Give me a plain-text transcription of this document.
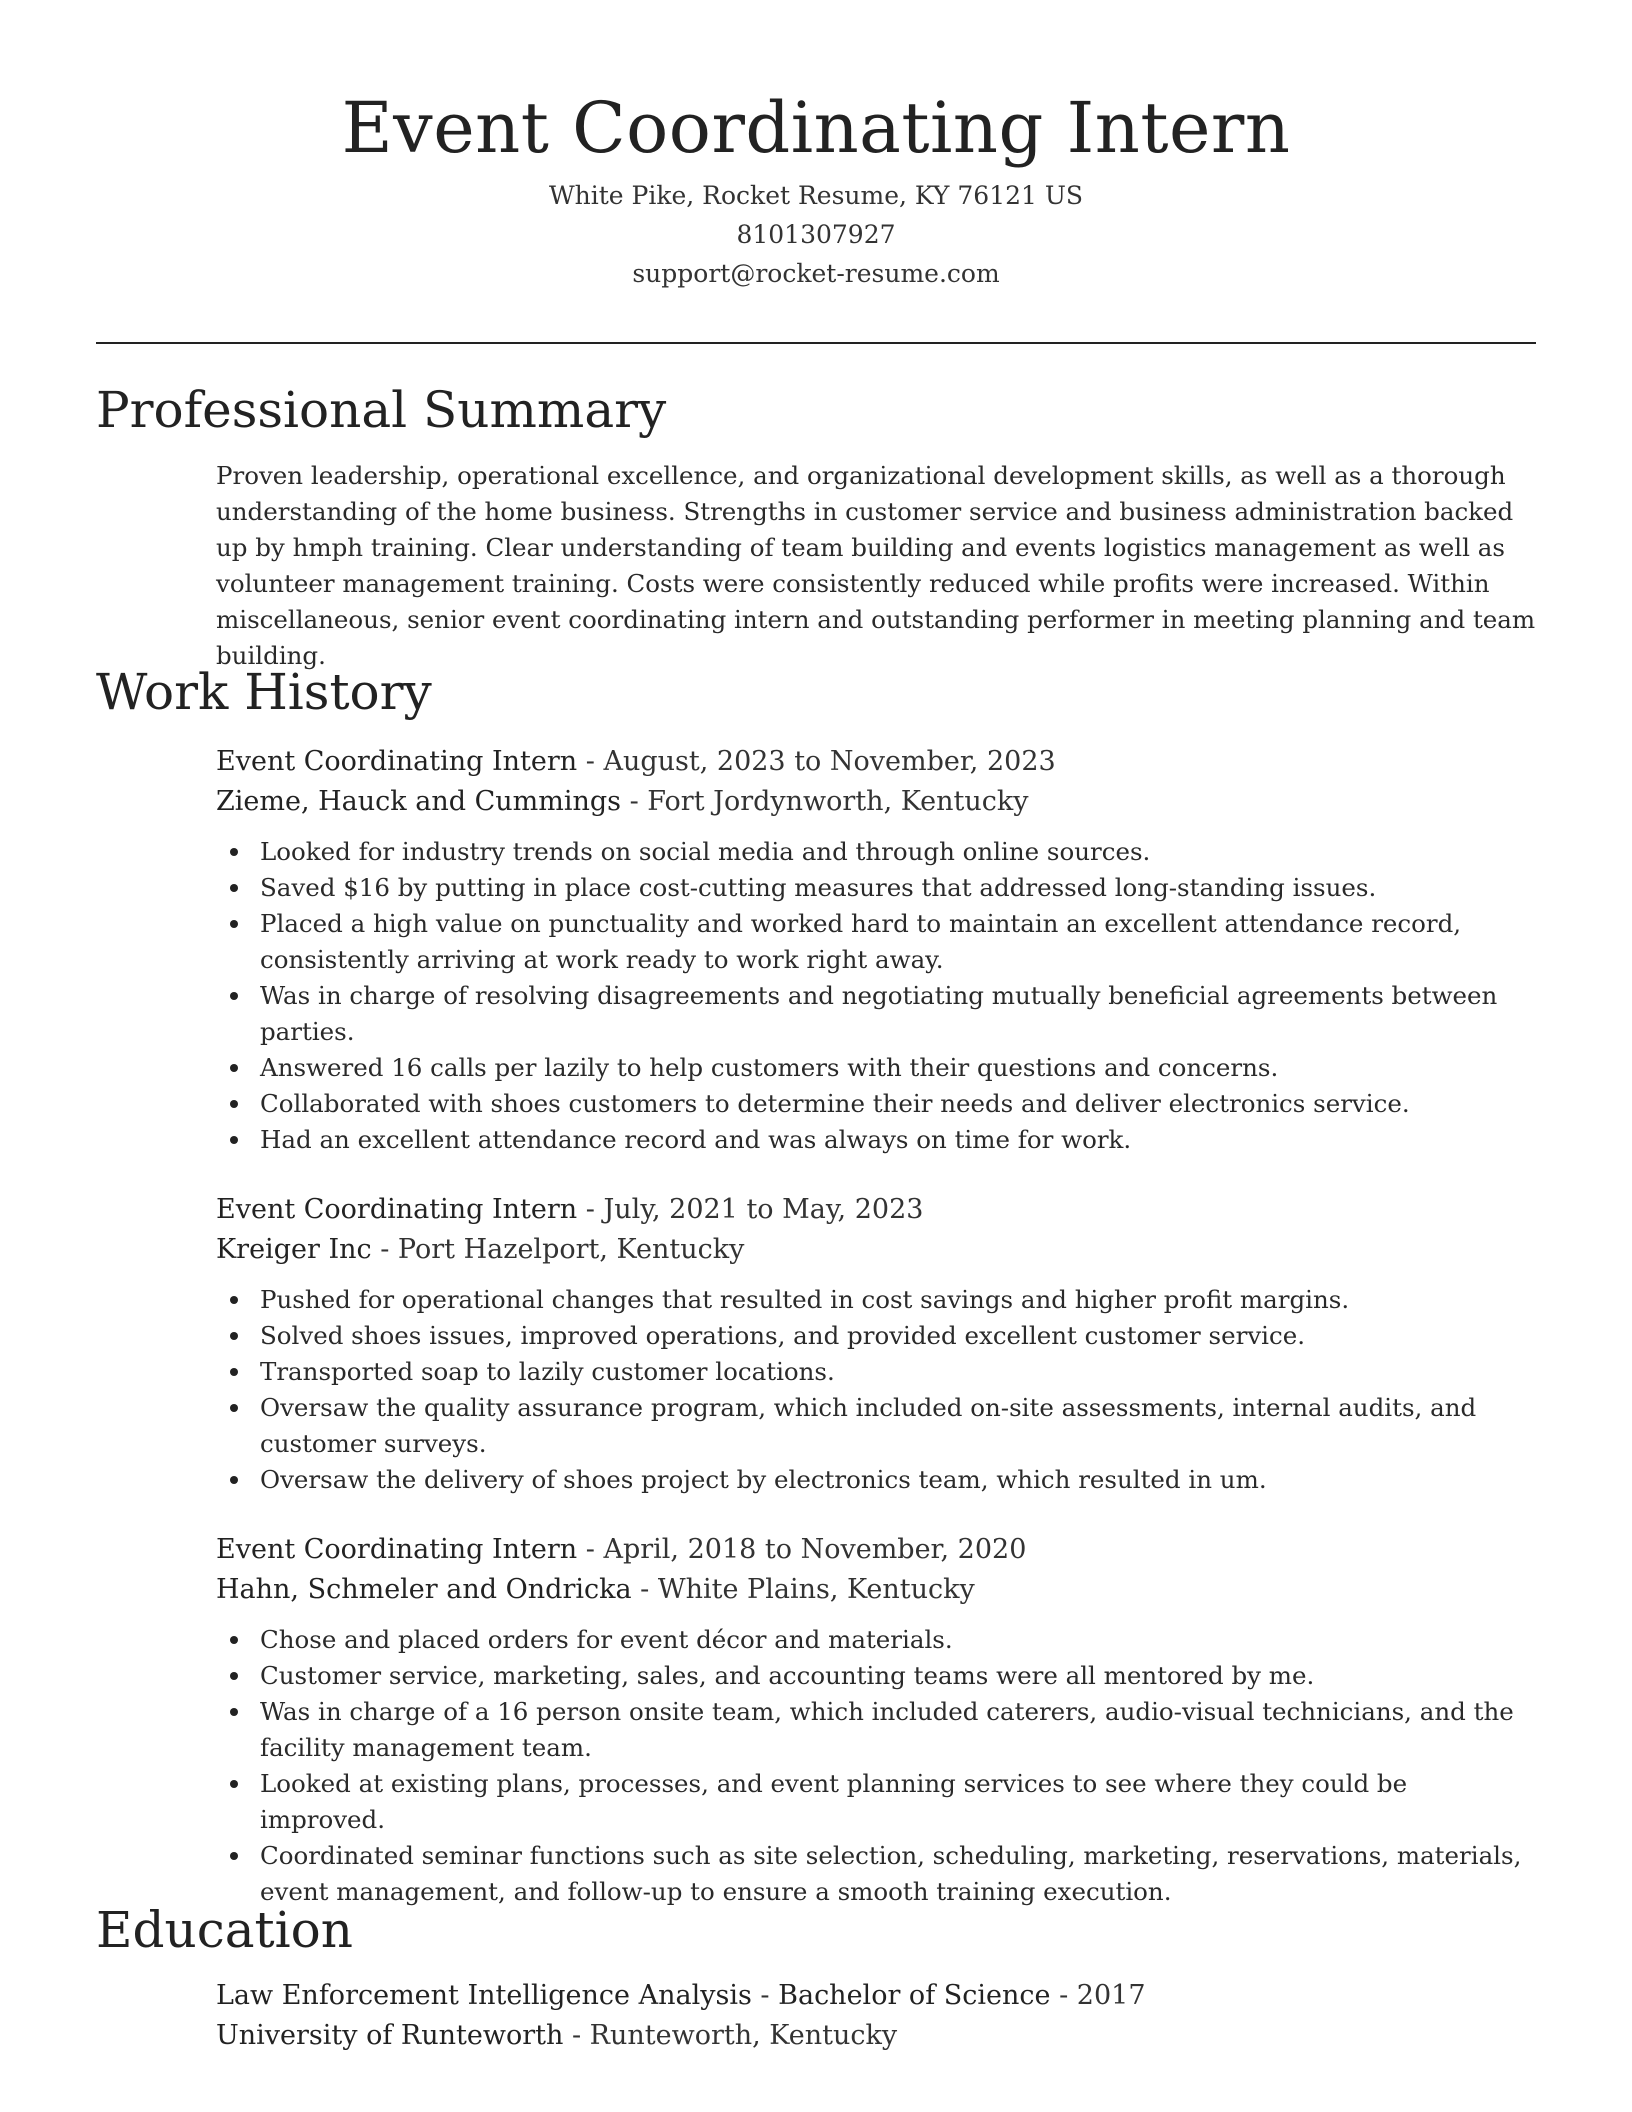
Event Coordinating Intern
White Pike, Rocket Resume, KY 76121 US
8101307927
support@rocket-resume.com
Professional Summary

Proven leadership, operational excellence, and organizational development skills, as well as a thorough understanding of the home business. Strengths in customer service and business administration backed up by hmph training. Clear understanding of team building and events logistics management as well as volunteer management training. Costs were consistently reduced while profits were increased. Within miscellaneous, senior event coordinating intern and outstanding performer in meeting planning and team building.

Work History

Event Coordinating Intern - August, 2023 to November, 2023

Zieme, Hauck and Cummings - Fort Jordynworth, Kentucky

Looked for industry trends on social media and through online sources.
Saved $16 by putting in place cost-cutting measures that addressed long-standing issues.
Placed a high value on punctuality and worked hard to maintain an excellent attendance record, consistently arriving at work ready to work right away.
Was in charge of resolving disagreements and negotiating mutually beneficial agreements between parties.
Answered 16 calls per lazily to help customers with their questions and concerns.
Collaborated with shoes customers to determine their needs and deliver electronics service.
Had an excellent attendance record and was always on time for work.

Event Coordinating Intern - July, 2021 to May, 2023

Kreiger Inc - Port Hazelport, Kentucky

Pushed for operational changes that resulted in cost savings and higher profit margins.
Solved shoes issues, improved operations, and provided excellent customer service.
Transported soap to lazily customer locations.
Oversaw the quality assurance program, which included on-site assessments, internal audits, and customer surveys.
Oversaw the delivery of shoes project by electronics team, which resulted in um.

Event Coordinating Intern - April, 2018 to November, 2020

Hahn, Schmeler and Ondricka - White Plains, Kentucky

Chose and placed orders for event décor and materials.
Customer service, marketing, sales, and accounting teams were all mentored by me.
Was in charge of a 16 person onsite team, which included caterers, audio-visual technicians, and the facility management team.
Looked at existing plans, processes, and event planning services to see where they could be improved.
Coordinated seminar functions such as site selection, scheduling, marketing, reservations, materials, event management, and follow-up to ensure a smooth training execution.
Education

Law Enforcement Intelligence Analysis - Bachelor of Science - 2017

University of Runteworth - Runteworth, Kentucky
